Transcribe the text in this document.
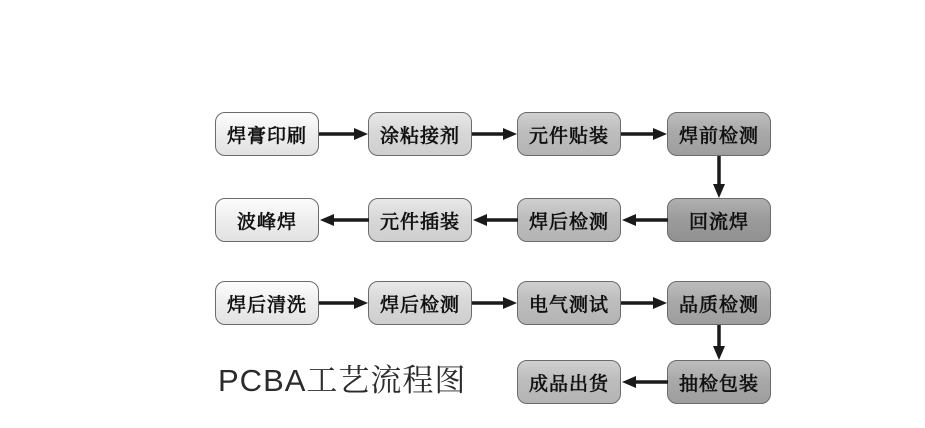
焊膏印刷	涂粘接剂	元件贴装	焊前检测
回流焊
焊后检测
元件插装
波峰焊
焊后清洗	焊后检测	电气测试	品质检测
抽检包装
成品出货
PCBA工艺流程图
